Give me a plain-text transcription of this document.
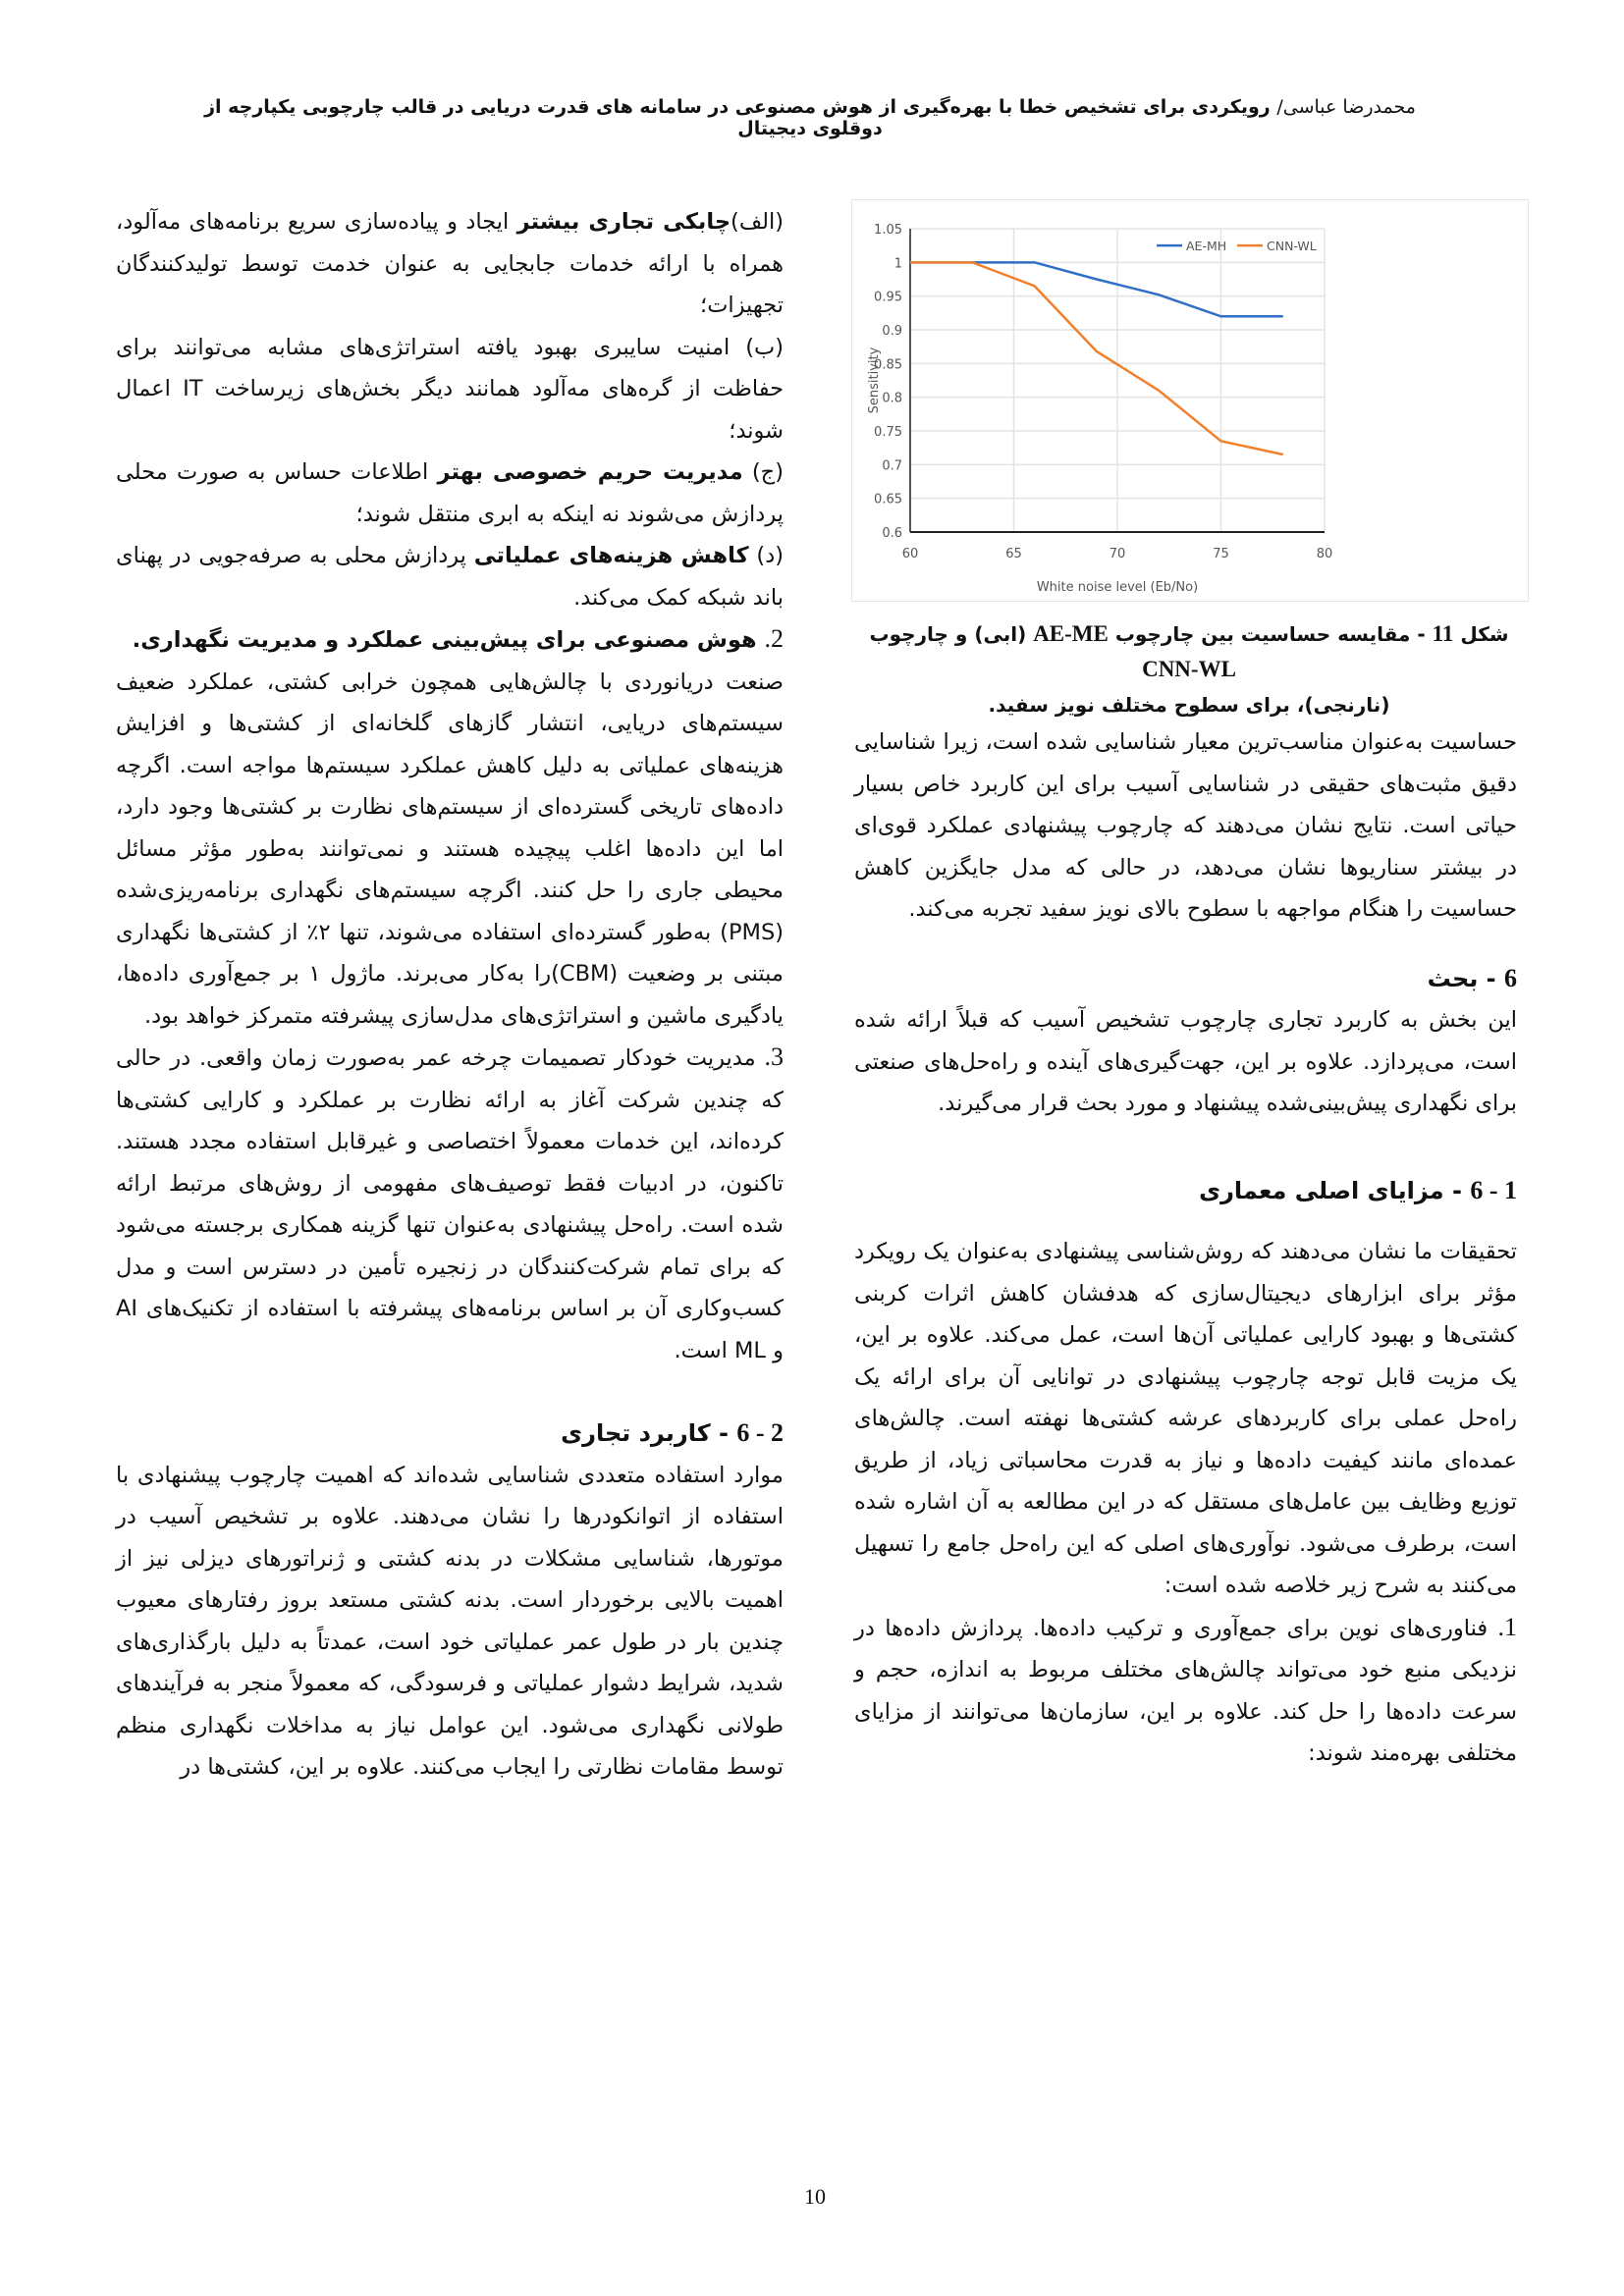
محمدرضا عباسی/ رویکردی برای تشخیص خطا با بهره‌گیری از هوش مصنوعی در سامانه های قدرت دریایی در قالب چارچوبی یکپارچه از دوقلوی دیجیتال

(الف)چابکی تجاری بیشتر ایجاد و پیاده‌سازی سریع برنامه‌های مه‌آلود، همراه با ارائه خدمات جابجایی به عنوان خدمت توسط تولیدکنندگان تجهیزات؛

(ب) امنیت سایبری بهبود یافته استراتژی‌های مشابه می‌توانند برای حفاظت از گره‌های مه‌آلود همانند دیگر بخش‌های زیرساخت IT اعمال شوند؛

(ج) مدیریت حریم خصوصی بهتر اطلاعات حساس به صورت محلی پردازش می‌شوند نه اینکه به ابری منتقل شوند؛

(د) کاهش هزینه‌های عملیاتی پردازش محلی به صرفه‌جویی در پهنای باند شبکه کمک می‌کند.

2. هوش مصنوعی برای پیش‌بینی عملکرد و مدیریت نگهداری.

صنعت دریانوردی با چالش‌هایی همچون خرابی کشتی، عملکرد ضعیف سیستم‌های دریایی، انتشار گازهای گلخانه‌ای از کشتی‌ها و افزایش هزینه‌های عملیاتی به دلیل کاهش عملکرد سیستم‌ها مواجه است. اگرچه داده‌های تاریخی گسترده‌ای از سیستم‌های نظارت بر کشتی‌ها وجود دارد، اما این داده‌ها اغلب پیچیده هستند و نمی‌توانند به‌طور مؤثر مسائل محیطی جاری را حل کنند. اگرچه سیستم‌های نگهداری برنامه‌ریزی‌شده (PMS) به‌طور گسترده‌ای استفاده می‌شوند، تنها ۲٪ از کشتی‌ها نگهداری مبتنی بر وضعیت (CBM)را به‌کار می‌برند. ماژول ۱ بر جمع‌آوری داده‌ها، یادگیری ماشین و استراتژی‌های مدل‌سازی پیشرفته متمرکز خواهد بود.

3. مدیریت خودکار تصمیمات چرخه عمر به‌صورت زمان واقعی. در حالی که چندین شرکت آغاز به ارائه نظارت بر عملکرد و کارایی کشتی‌ها کرده‌اند، این خدمات معمولاً اختصاصی و غیرقابل استفاده مجدد هستند. تاکنون، در ادبیات فقط توصیف‌های مفهومی از روش‌های مرتبط ارائه شده است. راه‌حل پیشنهادی به‌عنوان تنها گزینه همکاری برجسته می‌شود که برای تمام شرکت‌کنندگان در زنجیره تأمین در دسترس است و مدل کسب‌وکاری آن بر اساس برنامه‌های پیشرفته با استفاده از تکنیک‌های AI و ML است.

2 - 6 - کاربرد تجاری

موارد استفاده متعددی شناسایی شده‌اند که اهمیت چارچوب پیشنهادی با استفاده از اتوانکودرها را نشان می‌دهند. علاوه بر تشخیص آسیب در موتورها، شناسایی مشکلات در بدنه کشتی و ژنراتورهای دیزلی نیز از اهمیت بالایی برخوردار است. بدنه کشتی مستعد بروز رفتارهای معیوب چندین بار در طول عمر عملیاتی خود است، عمدتاً به دلیل بارگذاری‌های شدید، شرایط دشوار عملیاتی و فرسودگی، که معمولاً منجر به فرآیندهای طولانی نگهداری می‌شود. این عوامل نیاز به مداخلات نگهداری منظم توسط مقامات نظارتی را ایجاب می‌کنند. علاوه بر این، کشتی‌ها در

0.6
0.65
0.7
0.75
0.8
0.85
0.9
0.95
1
1.05
60	65	70	75	80
White noise level (Eb/No)
Sensitivity
AE-MH	CNN-WL
شکل 11 - مقایسه حساسیت بین چارچوب AE-ME (ابی) و چارچوب CNN-WL
(نارنجی)، برای سطوح مختلف نویز سفید.

حساسیت به‌عنوان مناسب‌ترین معیار شناسایی شده است، زیرا شناسایی دقیق مثبت‌های حقیقی در شناسایی آسیب برای این کاربرد خاص بسیار حیاتی است. نتایج نشان می‌دهند که چارچوب پیشنهادی عملکرد قوی‌ای در بیشتر سناریوها نشان می‌دهد، در حالی که مدل جایگزین کاهش حساسیت را هنگام مواجهه با سطوح بالای نویز سفید تجربه می‌کند.

6 - بحث

این بخش به کاربرد تجاری چارچوب تشخیص آسیب که قبلاً ارائه شده است، می‌پردازد. علاوه بر این، جهت‌گیری‌های آینده و راه‌حل‌های صنعتی برای نگهداری پیش‌بینی‌شده پیشنهاد و مورد بحث قرار می‌گیرند.

1 - 6 - مزایای اصلی معماری

تحقیقات ما نشان می‌دهند که روش‌شناسی پیشنهادی به‌عنوان یک رویکرد مؤثر برای ابزارهای دیجیتال‌سازی که هدفشان کاهش اثرات کربنی کشتی‌ها و بهبود کارایی عملیاتی آن‌ها است، عمل می‌کند. علاوه بر این، یک مزیت قابل توجه چارچوب پیشنهادی در توانایی آن برای ارائه یک راه‌حل عملی برای کاربردهای عرشه کشتی‌ها نهفته است. چالش‌های عمده‌ای مانند کیفیت داده‌ها و نیاز به قدرت محاسباتی زیاد، از طریق توزیع وظایف بین عامل‌های مستقل که در این مطالعه به آن اشاره شده است، برطرف می‌شود. نوآوری‌های اصلی که این راه‌حل جامع را تسهیل می‌کنند به شرح زیر خلاصه شده است:

1. فناوری‌های نوین برای جمع‌آوری و ترکیب داده‌ها. پردازش داده‌ها در نزدیکی منبع خود می‌تواند چالش‌های مختلف مربوط به اندازه، حجم و سرعت داده‌ها را حل کند. علاوه بر این، سازمان‌ها می‌توانند از مزایای مختلفی بهره‌مند شوند:

10
